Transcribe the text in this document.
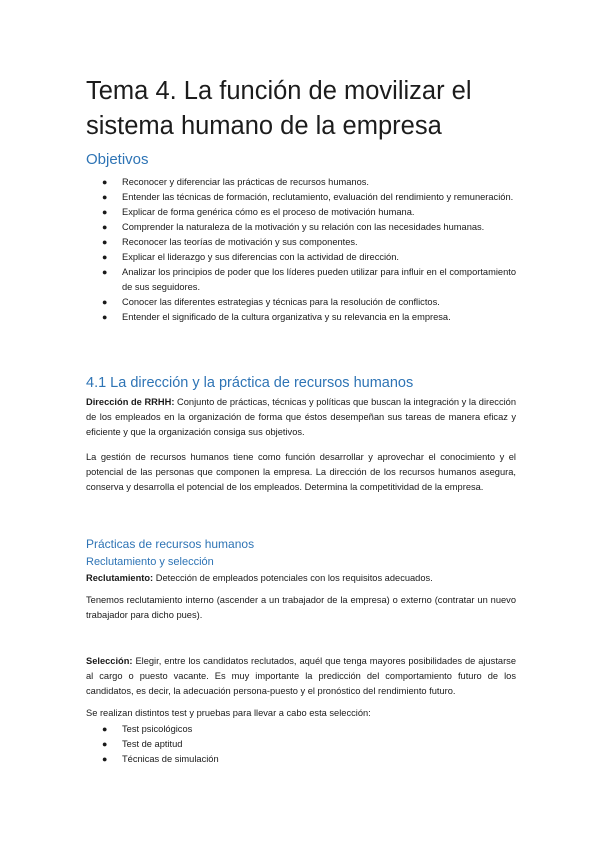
Tema 4. La función de movilizar el sistema humano de la empresa
Objetivos
● Reconocer y diferenciar las prácticas de recursos humanos.
● Entender las técnicas de formación, reclutamiento, evaluación del rendimiento y remuneración.
● Explicar de forma genérica cómo es el proceso de motivación humana.
● Comprender la naturaleza de la motivación y su relación con las necesidades humanas.
● Reconocer las teorías de motivación y sus componentes.
● Explicar el liderazgo y sus diferencias con la actividad de dirección.
● Analizar los principios de poder que los líderes pueden utilizar para influir en el comportamiento de sus seguidores.
● Conocer las diferentes estrategias y técnicas para la resolución de conflictos.
● Entender el significado de la cultura organizativa y su relevancia en la empresa.
4.1 La dirección y la práctica de recursos humanos

Dirección de RRHH: Conjunto de prácticas, técnicas y políticas que buscan la integración y la dirección de los empleados en la organización de forma que éstos desempeñan sus tareas de manera eficaz y eficiente y que la organización consiga sus objetivos.

La gestión de recursos humanos tiene como función desarrollar y aprovechar el conocimiento y el potencial de las personas que componen la empresa. La dirección de los recursos humanos asegura, conserva y desarrolla el potencial de los empleados. Determina la competitividad de la empresa.

Prácticas de recursos humanos
Reclutamiento y selección

Reclutamiento: Detección de empleados potenciales con los requisitos adecuados.

Tenemos reclutamiento interno (ascender a un trabajador de la empresa) o externo (contratar un nuevo trabajador para dicho pues).

Selección: Elegir, entre los candidatos reclutados, aquél que tenga mayores posibilidades de ajustarse al cargo o puesto vacante. Es muy importante la predicción del comportamiento futuro de los candidatos, es decir, la adecuación persona-puesto y el pronóstico del rendimiento futuro.

Se realizan distintos test y pruebas para llevar a cabo esta selección:

● Test psicológicos
● Test de aptitud
● Técnicas de simulación
